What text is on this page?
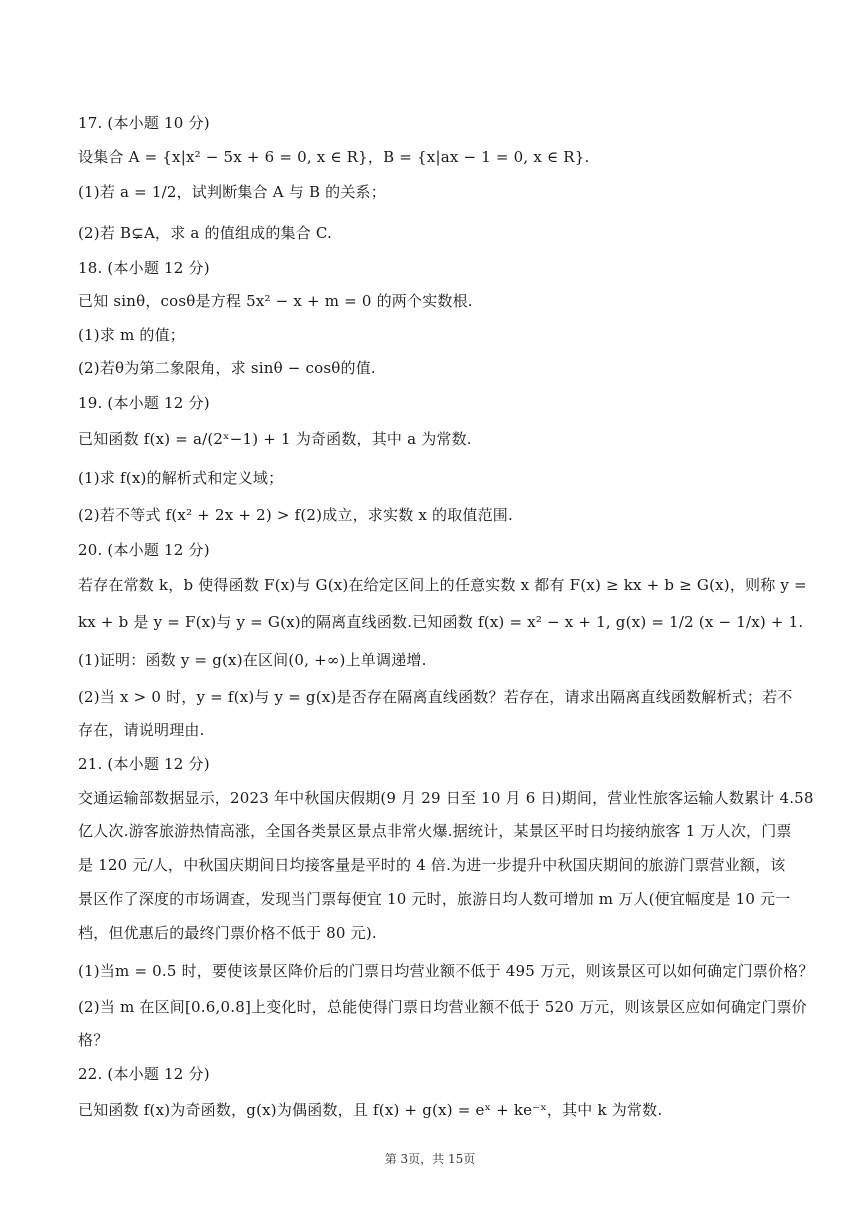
17. (本小题 10 分)
设集合 A = {x|x² − 5x + 6 = 0, x ∈ R}，B = {x|ax − 1 = 0, x ∈ R}.
(1)若 a = 1/2，试判断集合 A 与 B 的关系；
(2)若 B⊊A，求 a 的值组成的集合 C.
18. (本小题 12 分)
已知 sinθ，cosθ是方程 5x² − x + m = 0 的两个实数根.
(1)求 m 的值；
(2)若θ为第二象限角，求 sinθ − cosθ的值.
19. (本小题 12 分)
已知函数 f(x) = a/(2ˣ−1) + 1 为奇函数，其中 a 为常数.
(1)求 f(x)的解析式和定义域；
(2)若不等式 f(x² + 2x + 2) > f(2)成立，求实数 x 的取值范围.
20. (本小题 12 分)
若存在常数 k，b 使得函数 F(x)与 G(x)在给定区间上的任意实数 x 都有 F(x) ≥ kx + b ≥ G(x)，则称 y =
kx + b 是 y = F(x)与 y = G(x)的隔离直线函数.已知函数 f(x) = x² − x + 1, g(x) = 1/2 (x − 1/x) + 1.
(1)证明：函数 y = g(x)在区间(0, +∞)上单调递增.
(2)当 x > 0 时，y = f(x)与 y = g(x)是否存在隔离直线函数？若存在，请求出隔离直线函数解析式；若不
存在，请说明理由.
21. (本小题 12 分)
交通运输部数据显示，2023 年中秋国庆假期(9 月 29 日至 10 月 6 日)期间，营业性旅客运输人数累计 4.58
亿人次.游客旅游热情高涨，全国各类景区景点非常火爆.据统计，某景区平时日均接纳旅客 1 万人次，门票
是 120 元/人，中秋国庆期间日均接客量是平时的 4 倍.为进一步提升中秋国庆期间的旅游门票营业额，该
景区作了深度的市场调查，发现当门票每便宜 10 元时，旅游日均人数可增加 m 万人(便宜幅度是 10 元一
档，但优惠后的最终门票价格不低于 80 元).
(1)当m = 0.5 时，要使该景区降价后的门票日均营业额不低于 495 万元，则该景区可以如何确定门票价格？
(2)当 m 在区间[0.6,0.8]上变化时，总能使得门票日均营业额不低于 520 万元，则该景区应如何确定门票价
格？
22. (本小题 12 分)
已知函数 f(x)为奇函数，g(x)为偶函数，且 f(x) + g(x) = eˣ + ke⁻ˣ，其中 k 为常数.
第 3页，共 15页
